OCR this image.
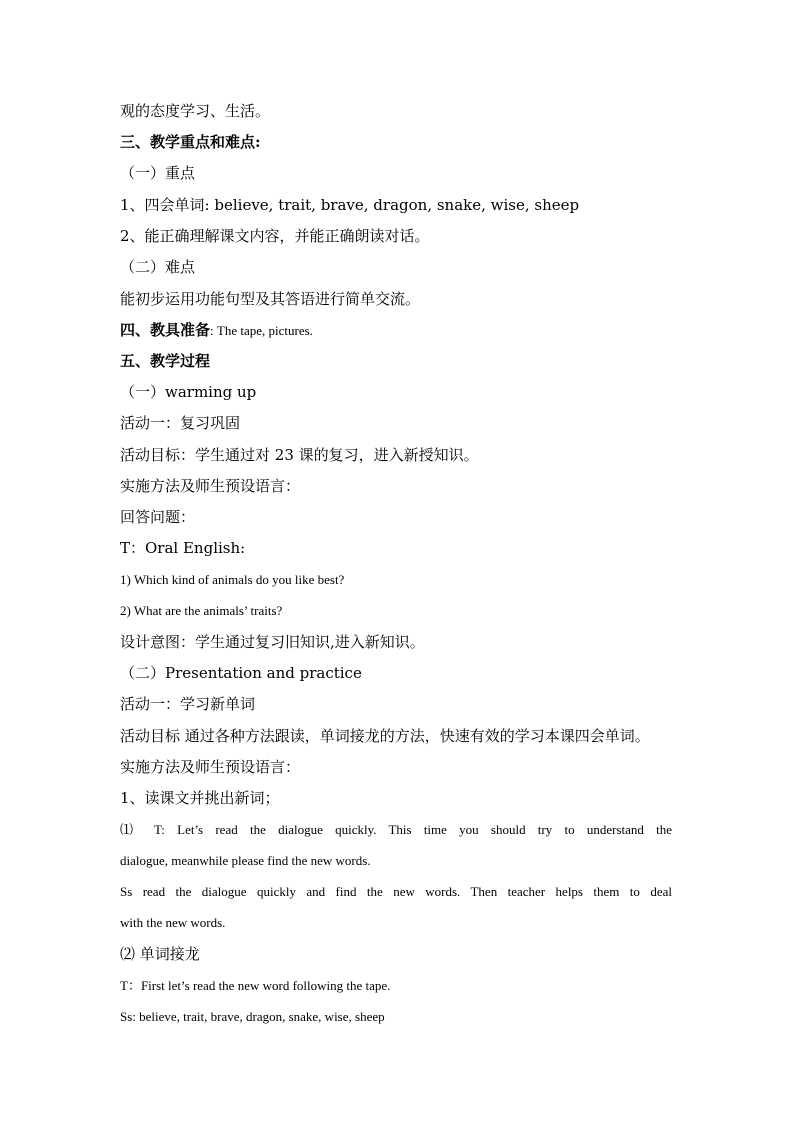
观的态度学习、生活。
三、教学重点和难点:
（一）重点
1、四会单词: believe, trait, brave, dragon, snake, wise, sheep
2、能正确理解课文内容，并能正确朗读对话。
（二）难点
能初步运用功能句型及其答语进行简单交流。
四、教具准备: The tape, pictures.
五、教学过程
（一）warming up
活动一：复习巩固
活动目标：学生通过对 23 课的复习，进入新授知识。
实施方法及师生预设语言：
回答问题：
T：Oral English:
1) Which kind of animals do you like best?
2) What are the animals’ traits?
设计意图：学生通过复习旧知识,进入新知识。
（二）Presentation and practice
活动一：学习新单词
活动目标 通过各种方法跟读，单词接龙的方法，快速有效的学习本课四会单词。
实施方法及师生预设语言：
1、读课文并挑出新词；
⑴ T: Let’s read the dialogue quickly. This time you should try to understand the
dialogue, meanwhile please find the new words.
Ss read the dialogue quickly and find the new words. Then teacher helps them to deal
with the new words.
⑵ 单词接龙
T：First let’s read the new word following the tape.
Ss: believe, trait, brave, dragon, snake, wise, sheep
